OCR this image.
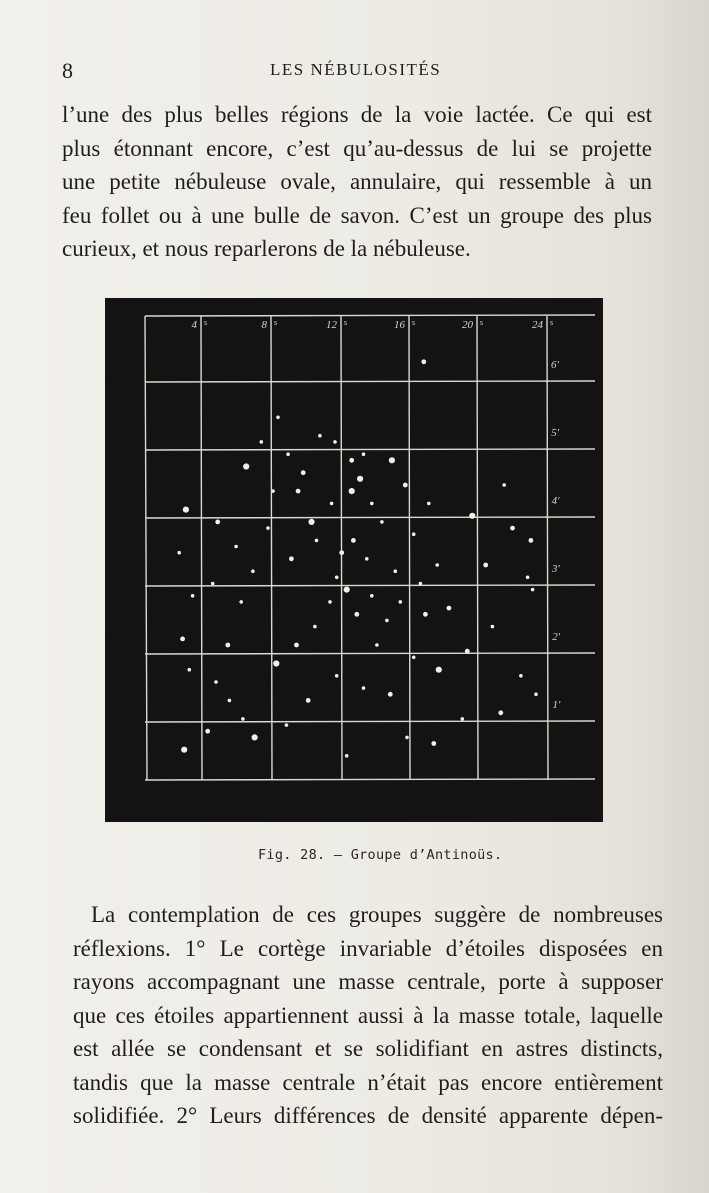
8	LES NÉBULOSITÉS
l’une des plus belles régions de la voie lactée. Ce qui est
plus étonnant encore, c’est qu’au-dessus de lui se projette
une petite nébuleuse ovale, annulaire, qui ressemble à un
feu follet ou à une bulle de savon. C’est un groupe des plus
curieux, et nous reparlerons de la nébuleuse.
4 s	8 s	12 s	16 s	20 s	24 s
6'
5'
4'
3'
2'
1'
Fig. 28. — Groupe d’Antinoüs.
La contemplation de ces groupes suggère de nombreuses
réflexions. 1° Le cortège invariable d’étoiles disposées en
rayons accompagnant une masse centrale, porte à supposer
que ces étoiles appartiennent aussi à la masse totale, laquelle
est allée se condensant et se solidifiant en astres distincts,
tandis que la masse centrale n’était pas encore entièrement
solidifiée. 2° Leurs différences de densité apparente dépen-
